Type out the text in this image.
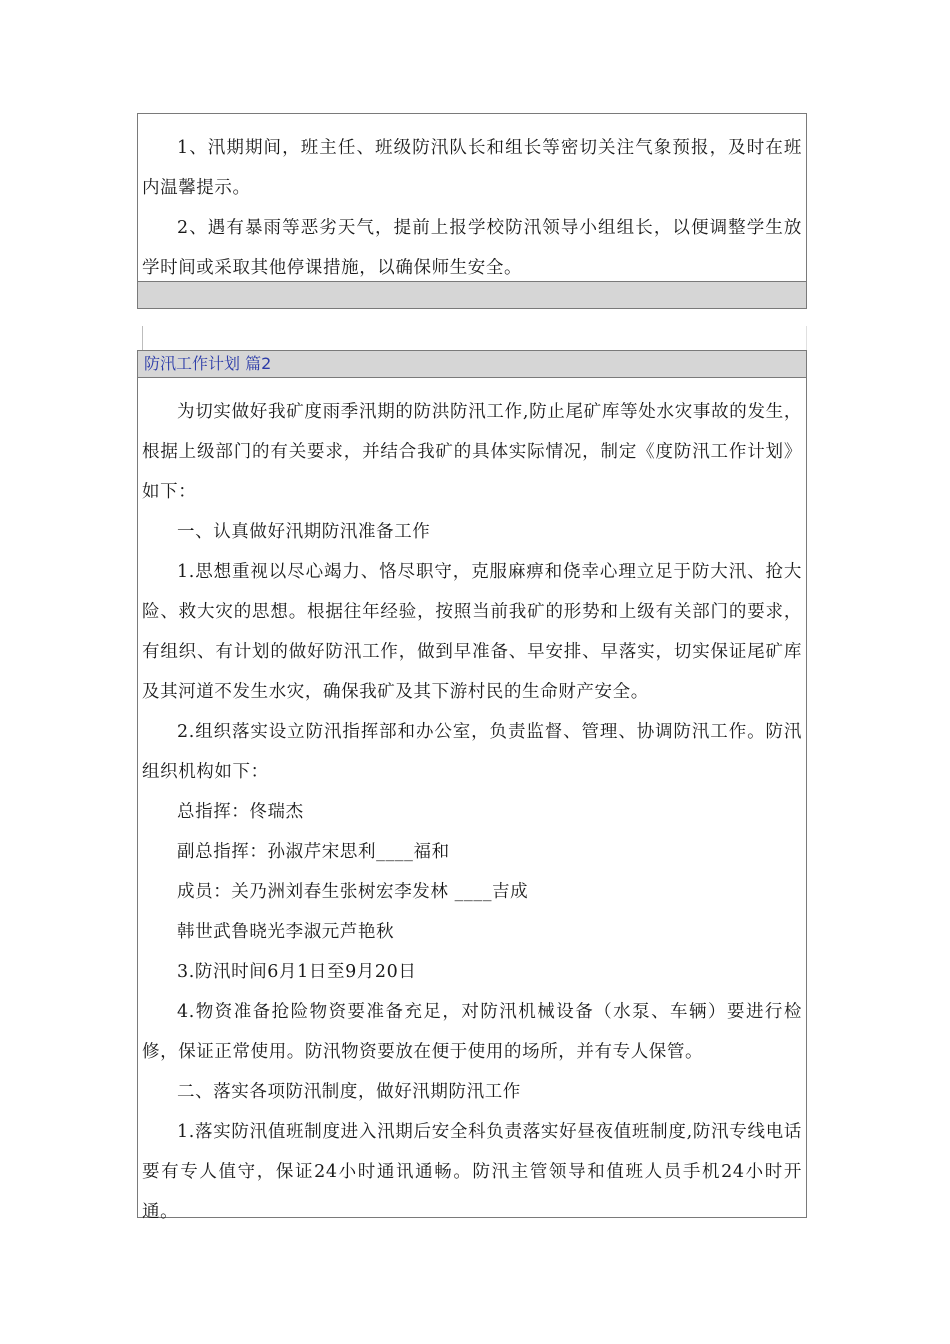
1、汛期期间，班主任、班级防汛队长和组长等密切关注气象预报，及时在班内温馨提示。

2、遇有暴雨等恶劣天气，提前上报学校防汛领导小组组长，以便调整学生放学时间或采取其他停课措施，以确保师生安全。

防汛工作计划 篇2

为切实做好我矿度雨季汛期的防洪防汛工作,防止尾矿库等处水灾事故的发生，根据上级部门的有关要求，并结合我矿的具体实际情况，制定《度防汛工作计划》如下：

一、认真做好汛期防汛准备工作

1.思想重视以尽心竭力、恪尽职守，克服麻痹和侥幸心理立足于防大汛、抢大险、救大灾的思想。根据往年经验，按照当前我矿的形势和上级有关部门的要求，有组织、有计划的做好防汛工作，做到早准备、早安排、早落实，切实保证尾矿库及其河道不发生水灾，确保我矿及其下游村民的生命财产安全。

2.组织落实设立防汛指挥部和办公室，负责监督、管理、协调防汛工作。防汛组织机构如下：

总指挥：佟瑞杰

副总指挥：孙淑芹宋思利____福和

成员：关乃洲刘春生张树宏李发林 ____吉成

韩世武鲁晓光李淑元芦艳秋

3.防汛时间6月1日至9月20日

4.物资准备抢险物资要准备充足，对防汛机械设备（水泵、车辆）要进行检修，保证正常使用。防汛物资要放在便于使用的场所，并有专人保管。

二、落实各项防汛制度，做好汛期防汛工作

1.落实防汛值班制度进入汛期后安全科负责落实好昼夜值班制度,防汛专线电话要有专人值守，保证24小时通讯通畅。防汛主管领导和值班人员手机24小时开通。
